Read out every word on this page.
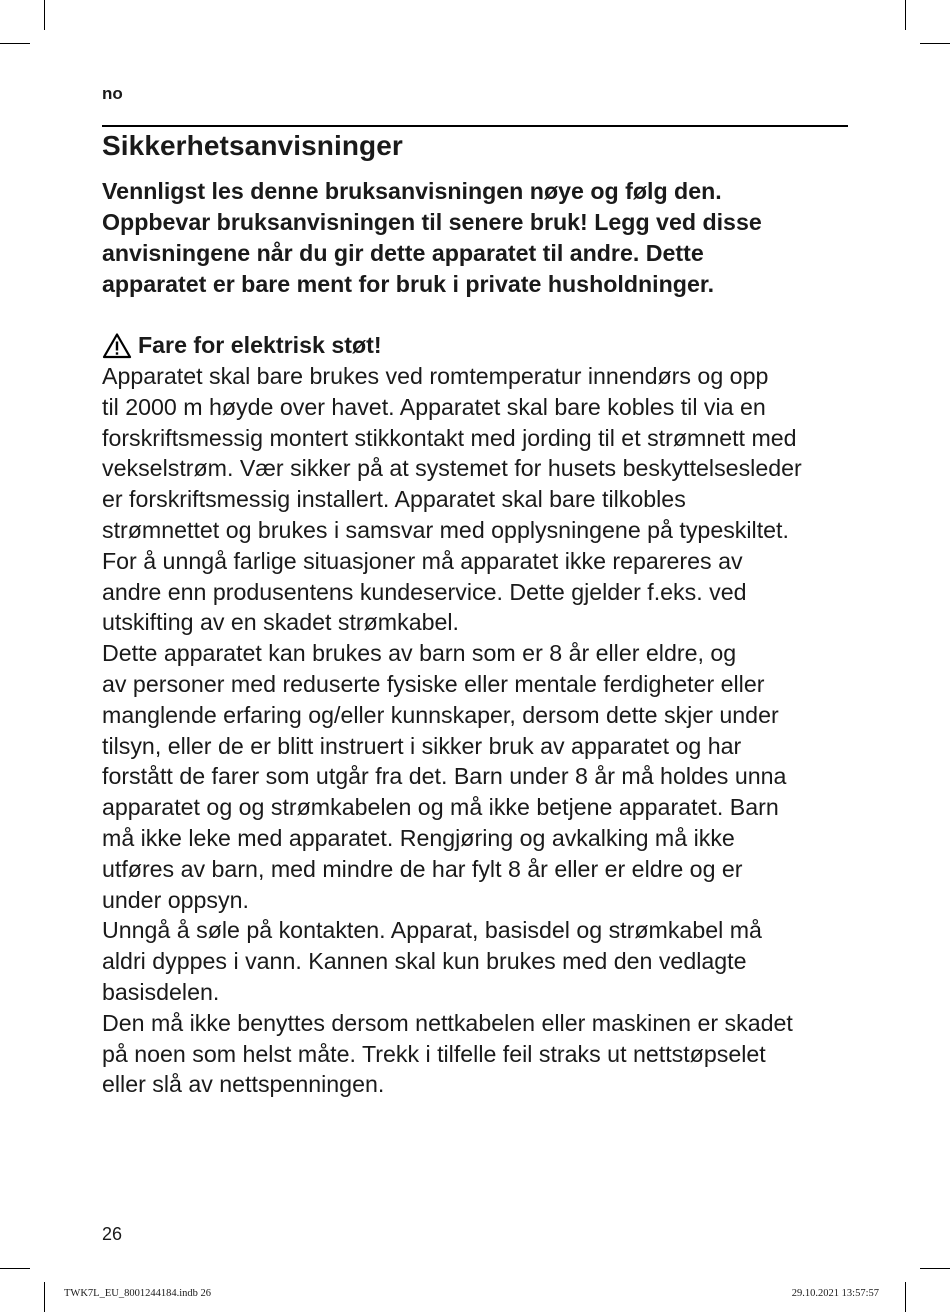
no
Sikkerhetsanvisninger
Vennligst les denne bruksanvisningen nøye og følg den.
Oppbevar bruksanvisningen til senere bruk! Legg ved disse
anvisningene når du gir dette apparatet til andre. Dette
apparatet er bare ment for bruk i private husholdninger.
Fare for elektrisk støt!
Apparatet skal bare brukes ved romtemperatur innendørs og opp
til 2000 m høyde over havet. Apparatet skal bare kobles til via en
forskriftsmessig montert stikkontakt med jording til et strømnett med
vekselstrøm. Vær sikker på at systemet for husets beskyttelsesleder
er forskriftsmessig installert. Apparatet skal bare tilkobles
strømnettet og brukes i samsvar med opplysningene på typeskiltet.
For å unngå farlige situasjoner må apparatet ikke repareres av
andre enn produsentens kundeservice. Dette gjelder f.eks. ved
utskifting av en skadet strømkabel.
Dette apparatet kan brukes av barn som er 8 år eller eldre, og
av personer med reduserte fysiske eller mentale ferdigheter eller
manglende erfaring og/eller kunnskaper, dersom dette skjer under
tilsyn, eller de er blitt instruert i sikker bruk av apparatet og har
forstått de farer som utgår fra det. Barn under 8 år må holdes unna
apparatet og og strømkabelen og må ikke betjene apparatet. Barn
må ikke leke med apparatet. Rengjøring og avkalking må ikke
utføres av barn, med mindre de har fylt 8 år eller er eldre og er
under oppsyn.
Unngå å søle på kontakten. Apparat, basisdel og strømkabel må
aldri dyppes i vann. Kannen skal kun brukes med den vedlagte
basisdelen.
Den må ikke benyttes dersom nettkabelen eller maskinen er skadet
på noen som helst måte. Trekk i tilfelle feil straks ut nettstøpselet
eller slå av nettspenningen.
26
TWK7L_EU_8001244184.indb 26	29.10.2021 13:57:57
